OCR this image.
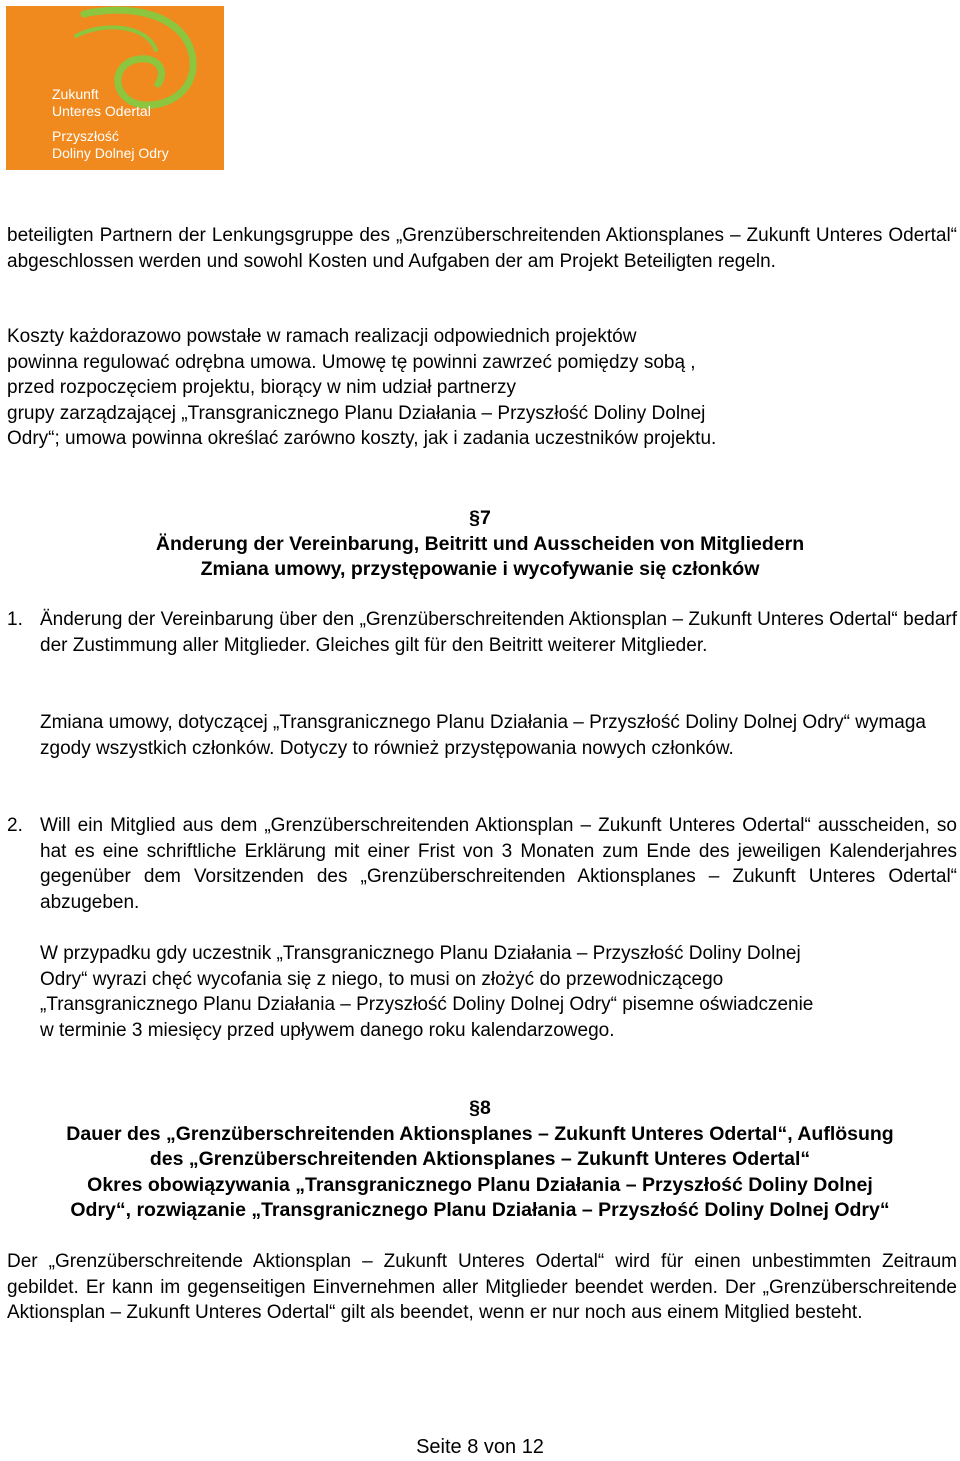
Zukunft
Unteres Odertal
Przyszłość
Doliny Dolnej Odry
beteiligten Partnern der Lenkungsgruppe des „Grenzüberschreitenden Aktionsplanes – Zukunft Unteres Odertal“ abgeschlossen werden und sowohl Kosten und Aufgaben der am Projekt Beteiligten regeln.
Koszty każdorazowo powstałe w ramach realizacji odpowiednich projektów
powinna regulować odrębna umowa. Umowę tę powinni zawrzeć pomiędzy sobą ,
przed rozpoczęciem projektu, biorący w nim udział partnerzy
grupy zarządzającej „Transgranicznego Planu Działania – Przyszłość Doliny Dolnej
Odry“; umowa powinna określać zarówno koszty, jak i zadania uczestników projektu.
§7
Änderung der Vereinbarung, Beitritt und Ausscheiden von Mitgliedern
Zmiana umowy, przystępowanie i wycofywanie się członków
1. Änderung der Vereinbarung über den „Grenzüberschreitenden Aktionsplan – Zukunft Unteres Odertal“ bedarf der Zustimmung aller Mitglieder. Gleiches gilt für den Beitritt weiterer Mitglieder.
Zmiana umowy, dotyczącej „Transgranicznego Planu Działania – Przyszłość Doliny Dolnej Odry“ wymaga zgody wszystkich członków. Dotyczy to również przystępowania nowych członków.
2. Will ein Mitglied aus dem „Grenzüberschreitenden Aktionsplan – Zukunft Unteres Odertal“ ausscheiden, so hat es eine schriftliche Erklärung mit einer Frist von 3 Monaten zum Ende des jeweiligen Kalenderjahres gegenüber dem Vorsitzenden des „Grenzüberschreitenden Aktionsplanes – Zukunft Unteres Odertal“ abzugeben.
W przypadku gdy uczestnik „Transgranicznego Planu Działania – Przyszłość Doliny Dolnej
Odry“ wyrazi chęć wycofania się z niego, to musi on złożyć do przewodniczącego
„Transgranicznego Planu Działania – Przyszłość Doliny Dolnej Odry“ pisemne oświadczenie
w terminie 3 miesięcy przed upływem danego roku kalendarzowego.
§8
Dauer des „Grenzüberschreitenden Aktionsplanes – Zukunft Unteres Odertal“, Auflösung
des „Grenzüberschreitenden Aktionsplanes – Zukunft Unteres Odertal“
Okres obowiązywania „Transgranicznego Planu Działania – Przyszłość Doliny Dolnej
Odry“, rozwiązanie „Transgranicznego Planu Działania – Przyszłość Doliny Dolnej Odry“
Der „Grenzüberschreitende Aktionsplan – Zukunft Unteres Odertal“ wird für einen unbestimmten Zeitraum gebildet. Er kann im gegenseitigen Einvernehmen aller Mitglieder beendet werden. Der „Grenzüberschreitende Aktionsplan – Zukunft Unteres Odertal“ gilt als beendet, wenn er nur noch aus einem Mitglied besteht.
Seite 8 von 12
